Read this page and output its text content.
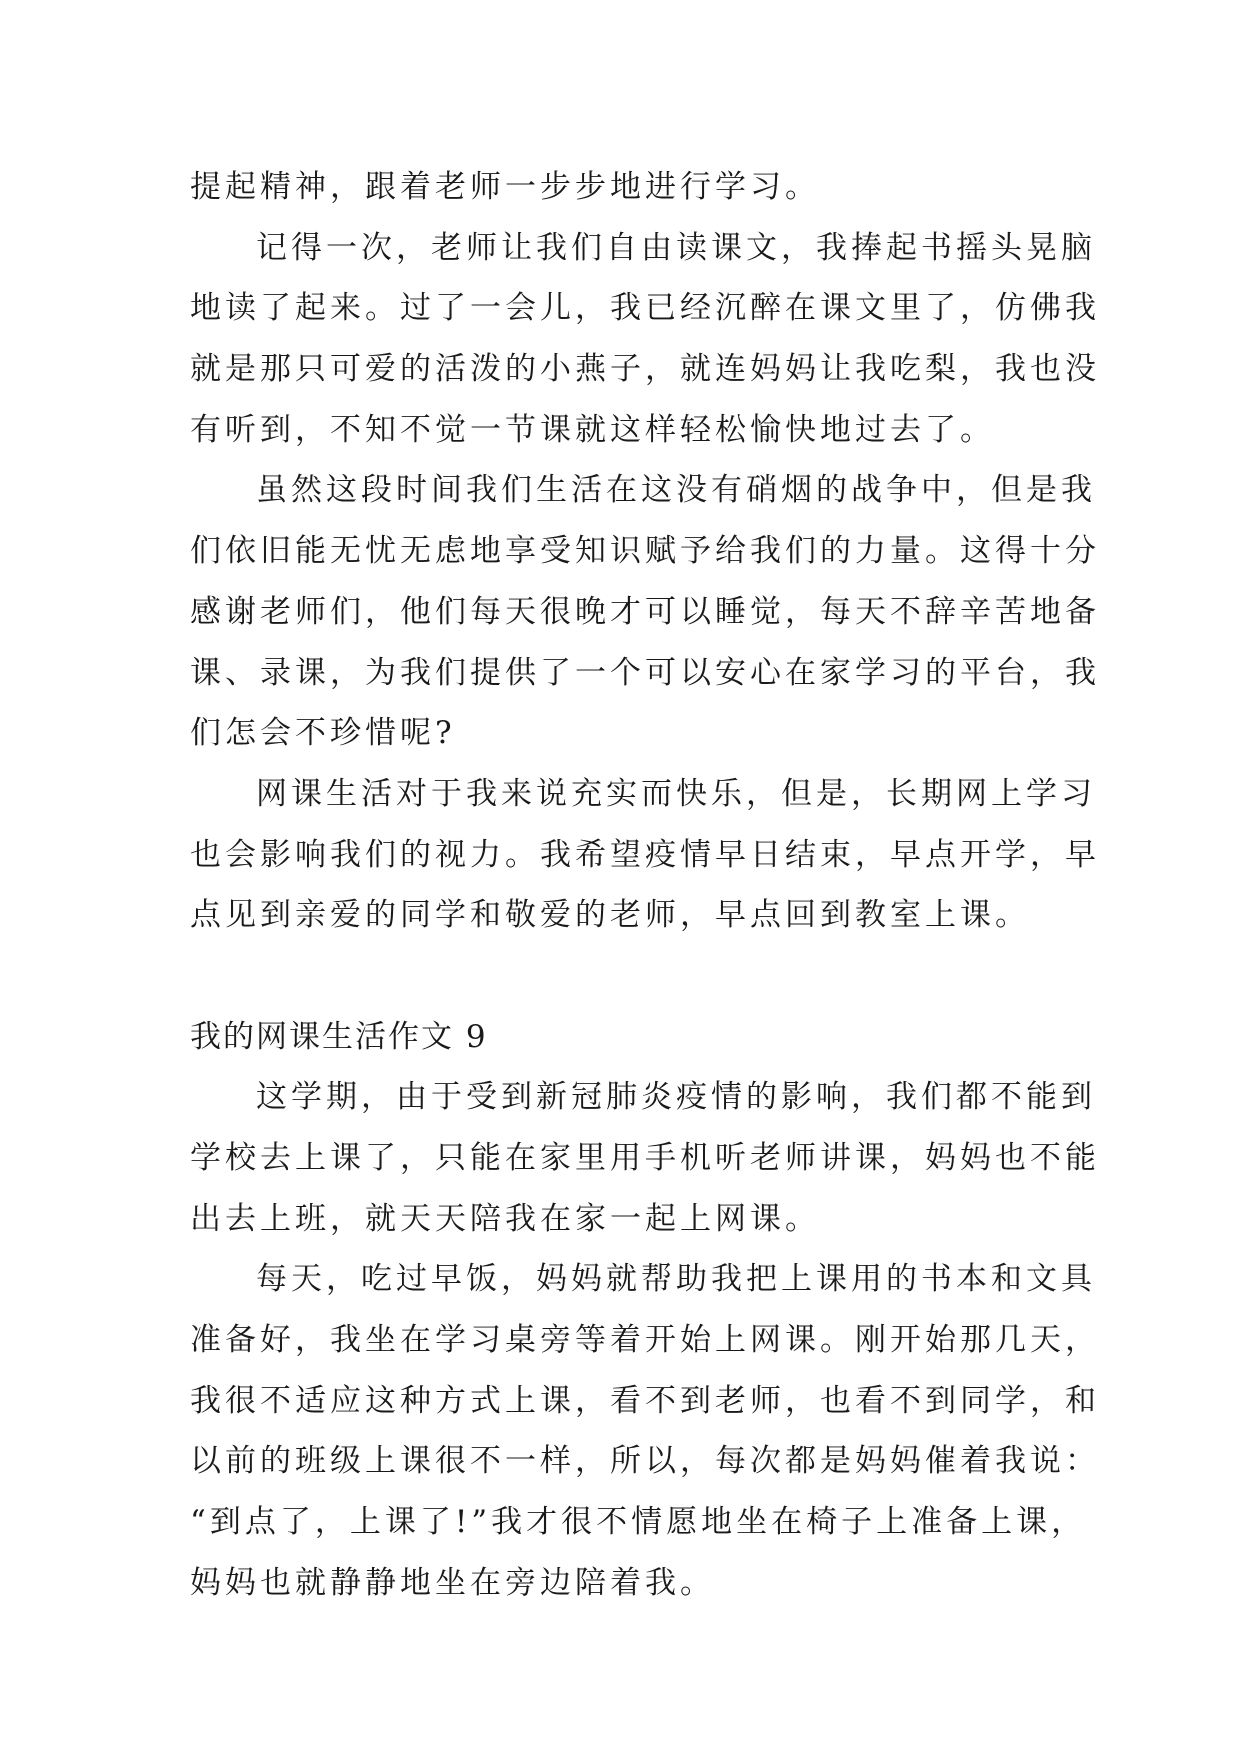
提起精神，跟着老师一步步地进行学习。
记得一次，老师让我们自由读课文，我捧起书摇头晃脑
地读了起来。过了一会儿，我已经沉醉在课文里了，仿佛我
就是那只可爱的活泼的小燕子，就连妈妈让我吃梨，我也没
有听到，不知不觉一节课就这样轻松愉快地过去了。
虽然这段时间我们生活在这没有硝烟的战争中，但是我
们依旧能无忧无虑地享受知识赋予给我们的力量。这得十分
感谢老师们，他们每天很晚才可以睡觉，每天不辞辛苦地备
课、录课，为我们提供了一个可以安心在家学习的平台，我
们怎会不珍惜呢?
网课生活对于我来说充实而快乐，但是，长期网上学习
也会影响我们的视力。我希望疫情早日结束，早点开学，早
点见到亲爱的同学和敬爱的老师，早点回到教室上课。
我的网课生活作文 9
这学期，由于受到新冠肺炎疫情的影响，我们都不能到
学校去上课了，只能在家里用手机听老师讲课，妈妈也不能
出去上班，就天天陪我在家一起上网课。
每天，吃过早饭，妈妈就帮助我把上课用的书本和文具
准备好，我坐在学习桌旁等着开始上网课。刚开始那几天，
我很不适应这种方式上课，看不到老师，也看不到同学，和
以前的班级上课很不一样，所以，每次都是妈妈催着我说：
“到点了，上课了!”我才很不情愿地坐在椅子上准备上课，
妈妈也就静静地坐在旁边陪着我。
